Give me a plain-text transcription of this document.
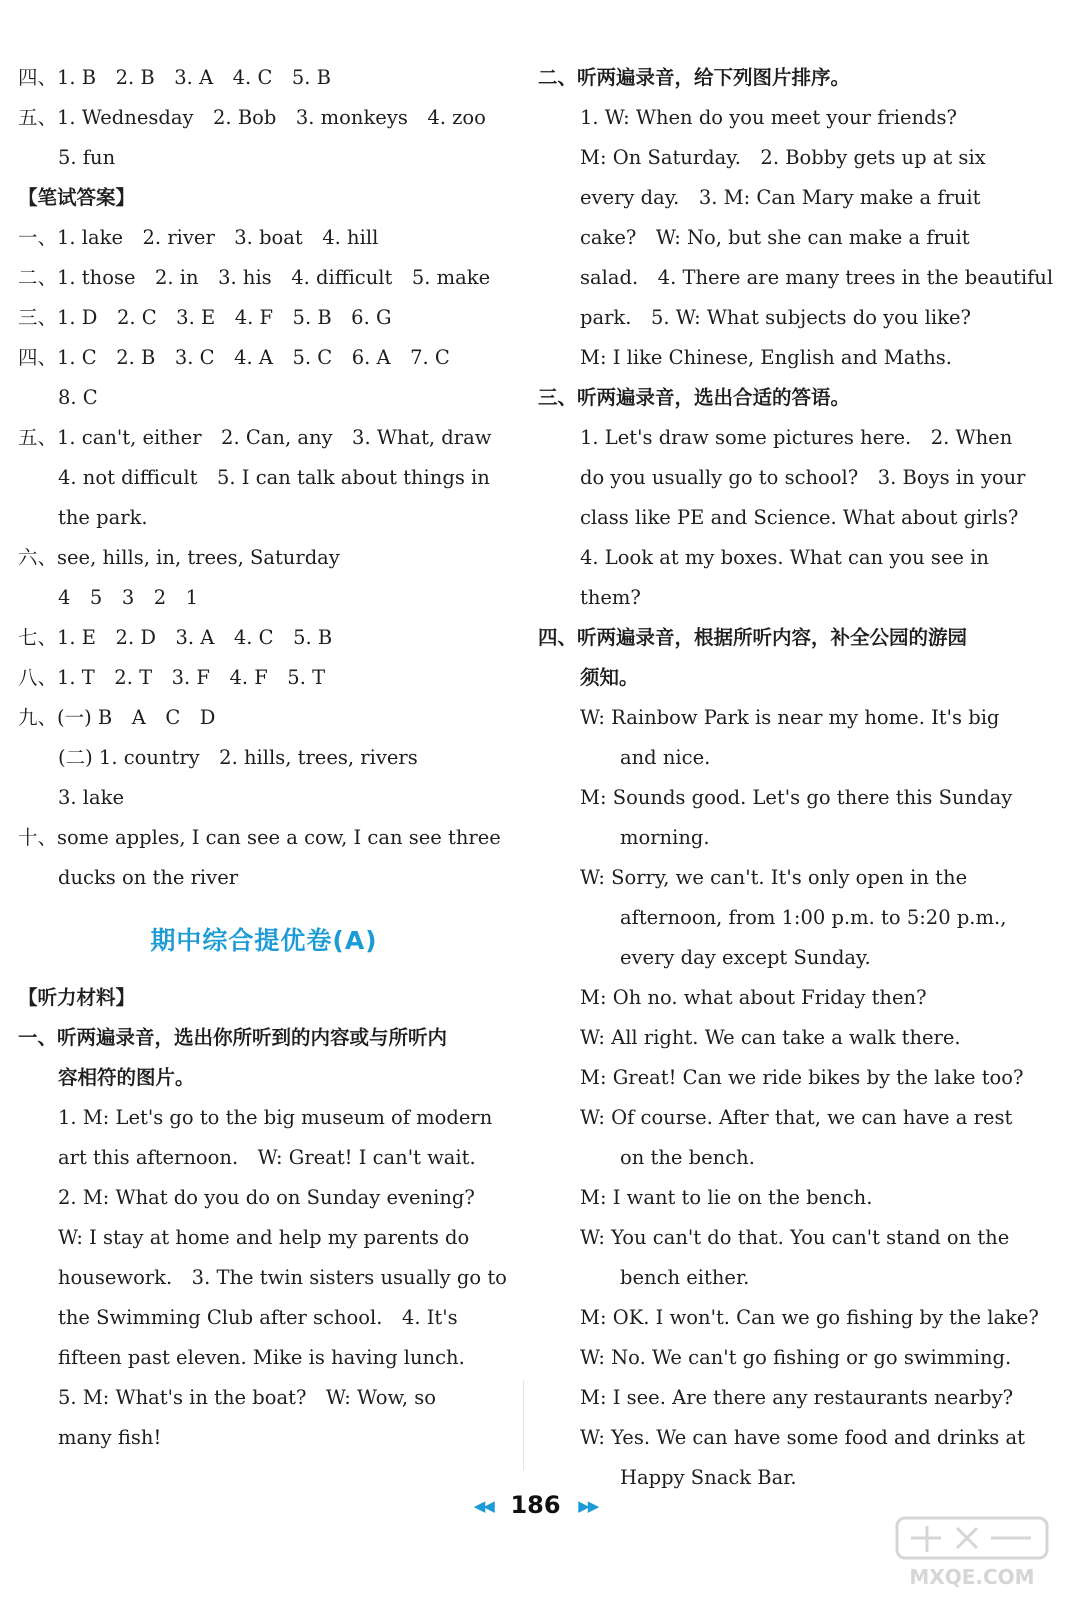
四、1. B　2. B　3. A　4. C　5. B
五、1. Wednesday　2. Bob　3. monkeys　4. zoo
5. fun
【笔试答案】
一、1. lake　2. river　3. boat　4. hill
二、1. those　2. in　3. his　4. difficult　5. make
三、1. D　2. C　3. E　4. F　5. B　6. G
四、1. C　2. B　3. C　4. A　5. C　6. A　7. C
8. C
五、1. can't, either　2. Can, any　3. What, draw
4. not difficult　5. I can talk about things in
the park.
六、see, hills, in, trees, Saturday
4　5　3　2　1
七、1. E　2. D　3. A　4. C　5. B
八、1. T　2. T　3. F　4. F　5. T
九、(一) B　A　C　D
(二) 1. country　2. hills, trees, rivers
3. lake
十、some apples, I can see a cow, I can see three
ducks on the river
期中综合提优卷(A)
【听力材料】
一、听两遍录音，选出你所听到的内容或与所听内
容相符的图片。
1. M: Let's go to the big museum of modern
art this afternoon.　W: Great! I can't wait.
2. M: What do you do on Sunday evening?
W: I stay at home and help my parents do
housework.　3. The twin sisters usually go to
the Swimming Club after school.　4. It's
fifteen past eleven. Mike is having lunch.
5. M: What's in the boat?　W: Wow, so
many fish!
二、听两遍录音，给下列图片排序。
1. W: When do you meet your friends?
M: On Saturday.　2. Bobby gets up at six
every day.　3. M: Can Mary make a fruit
cake?　W: No, but she can make a fruit
salad.　4. There are many trees in the beautiful
park.　5. W: What subjects do you like?
M: I like Chinese, English and Maths.
三、听两遍录音，选出合适的答语。
1. Let's draw some pictures here.　2. When
do you usually go to school?　3. Boys in your
class like PE and Science. What about girls?
4. Look at my boxes. What can you see in
them?
四、听两遍录音，根据所听内容，补全公园的游园
须知。
W: Rainbow Park is near my home. It's big
and nice.
M: Sounds good. Let's go there this Sunday
morning.
W: Sorry, we can't. It's only open in the
afternoon, from 1:00 p.m. to 5:20 p.m.,
every day except Sunday.
M: Oh no. what about Friday then?
W: All right. We can take a walk there.
M: Great! Can we ride bikes by the lake too?
W: Of course. After that, we can have a rest
on the bench.
M: I want to lie on the bench.
W: You can't do that. You can't stand on the
bench either.
M: OK. I won't. Can we go fishing by the lake?
W: No. We can't go fishing or go swimming.
M: I see. Are there any restaurants nearby?
W: Yes. We can have some food and drinks at
Happy Snack Bar.
◀◀ 186 ▶▶
MXQE.COM
